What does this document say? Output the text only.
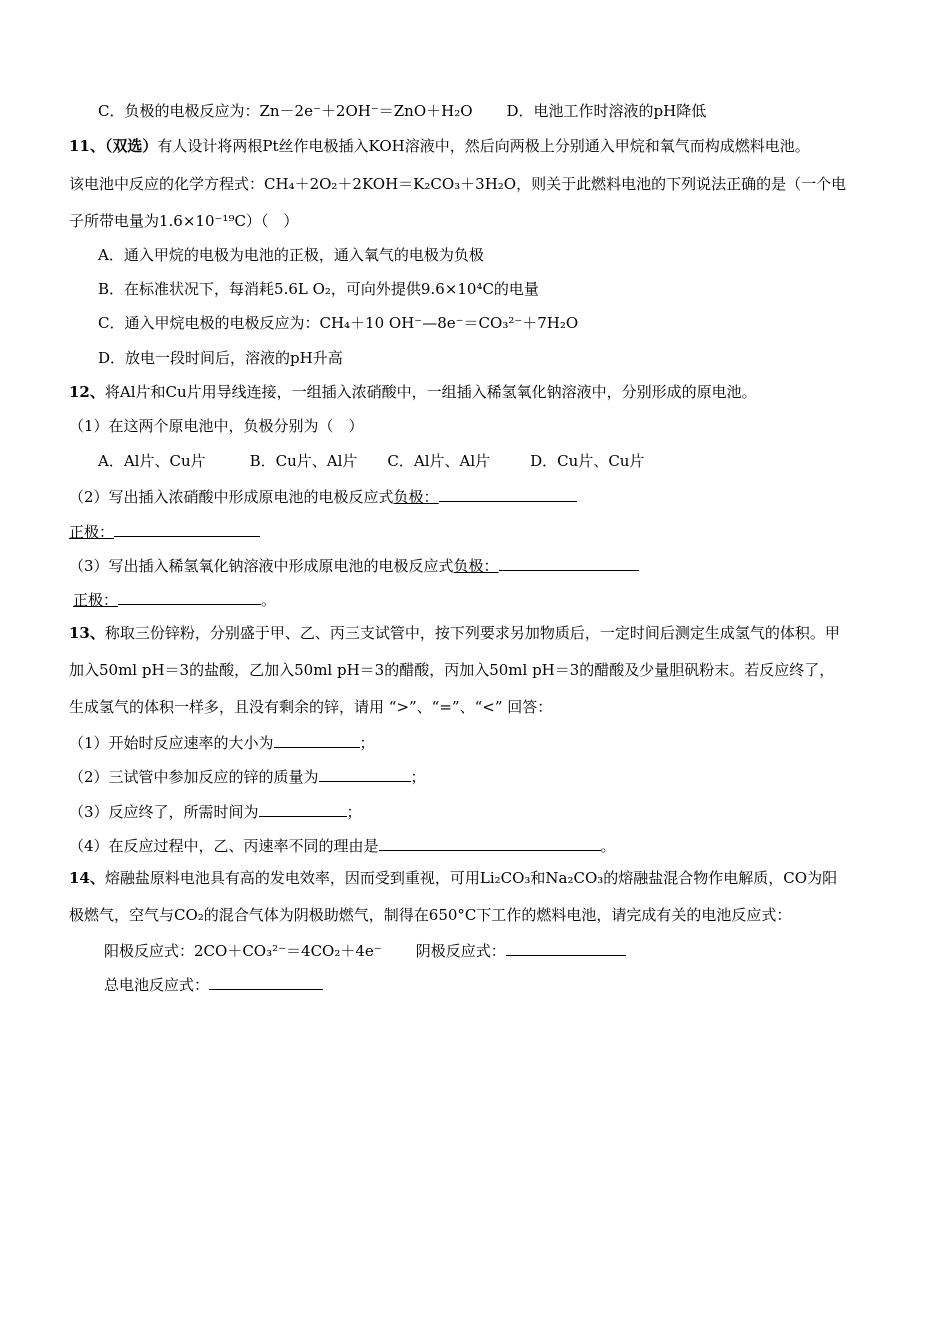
C．负极的电极反应为：Zn－2e⁻＋2OH⁻＝ZnO＋H₂O D．电池工作时溶液的pH降低
11、（双选）有人设计将两根Pt丝作电极插入KOH溶液中，然后向两极上分别通入甲烷和氧气而构成燃料电池。
该电池中反应的化学方程式：CH₄＋2O₂＋2KOH＝K₂CO₃＋3H₂O，则关于此燃料电池的下列说法正确的是（一个电
子所带电量为1.6×10⁻¹⁹C）（　）
A．通入甲烷的电极为电池的正极，通入氧气的电极为负极
B．在标准状况下，每消耗5.6L O₂，可向外提供9.6×10⁴C的电量
C．通入甲烷电极的电极反应为：CH₄＋10 OH⁻—8e⁻＝CO₃²⁻＋7H₂O
D．放电一段时间后，溶液的pH升高
12、将Al片和Cu片用导线连接，一组插入浓硝酸中，一组插入稀氢氧化钠溶液中，分别形成的原电池。
（1）在这两个原电池中，负极分别为（　）
A．Al片、Cu片	B．Cu片、Al片 C．Al片、Al片	D．Cu片、Cu片
（2）写出插入浓硝酸中形成原电池的电极反应式负极：
正极：
（3）写出插入稀氢氧化钠溶液中形成原电池的电极反应式负极：
正极：	。
13、称取三份锌粉，分别盛于甲、乙、丙三支试管中，按下列要求另加物质后，一定时间后测定生成氢气的体积。甲
加入50ml pH＝3的盐酸，乙加入50ml pH＝3的醋酸，丙加入50ml pH＝3的醋酸及少量胆矾粉末。若反应终了，
生成氢气的体积一样多，且没有剩余的锌，请用 “>”、“=”、“<” 回答：
（1）开始时反应速率的大小为	；
（2）三试管中参加反应的锌的质量为	；
（3）反应终了，所需时间为	；
（4）在反应过程中，乙、丙速率不同的理由是	。
14、熔融盐原料电池具有高的发电效率，因而受到重视，可用Li₂CO₃和Na₂CO₃的熔融盐混合物作电解质，CO为阳
极燃气，空气与CO₂的混合气体为阴极助燃气，制得在650°C下工作的燃料电池，请完成有关的电池反应式：
阳极反应式：2CO＋CO₃²⁻＝4CO₂＋4e⁻ 阴极反应式：
总电池反应式：
